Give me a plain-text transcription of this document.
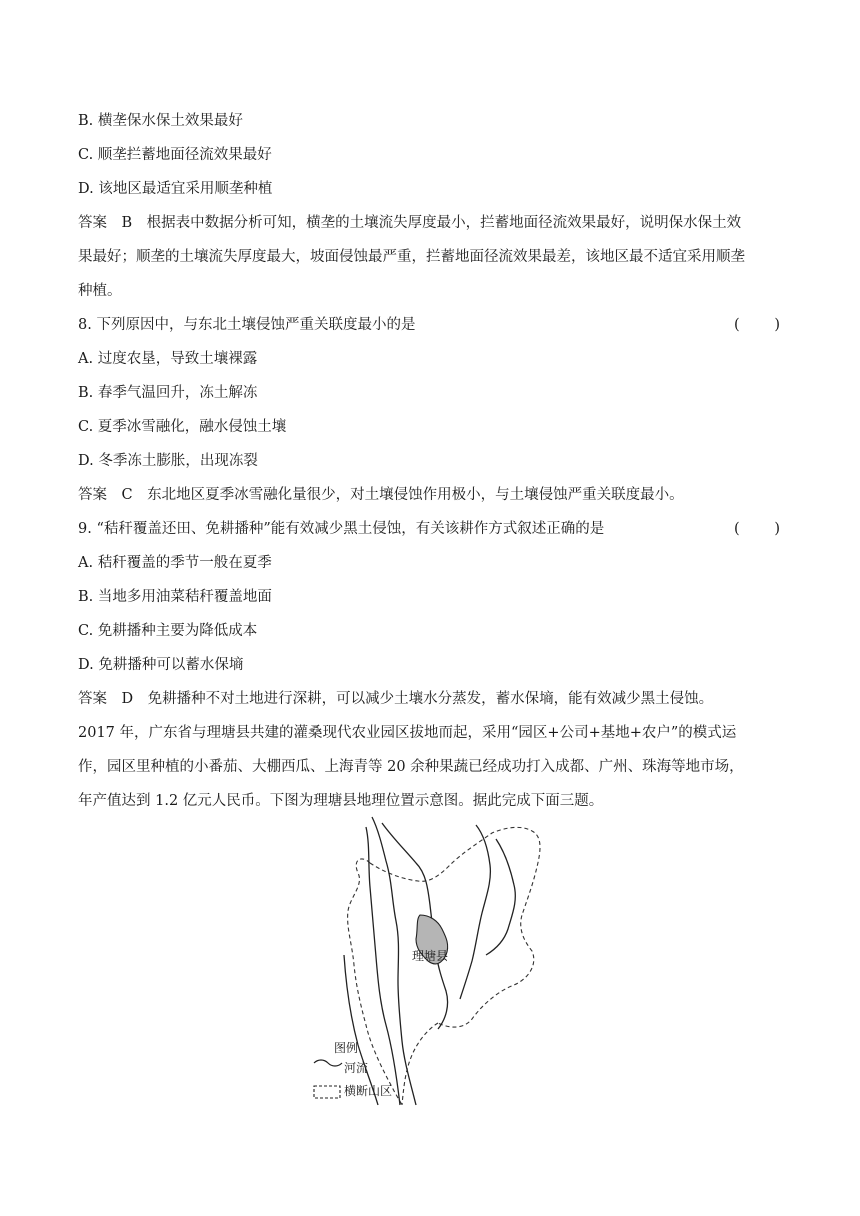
B. 横垄保水保土效果最好
C. 顺垄拦蓄地面径流效果最好
D. 该地区最适宜采用顺垄种植
答案　B　根据表中数据分析可知，横垄的土壤流失厚度最小，拦蓄地面径流效果最好，说明保水保土效
果最好；顺垄的土壤流失厚度最大，坡面侵蚀最严重，拦蓄地面径流效果最差，该地区最不适宜采用顺垄
种植。
8. 下列原因中，与东北土壤侵蚀严重关联度最小的是	( )
A. 过度农垦，导致土壤裸露
B. 春季气温回升，冻土解冻
C. 夏季冰雪融化，融水侵蚀土壤
D. 冬季冻土膨胀，出现冻裂
答案　C　东北地区夏季冰雪融化量很少，对土壤侵蚀作用极小，与土壤侵蚀严重关联度最小。
9. “秸秆覆盖还田、免耕播种”能有效减少黑土侵蚀，有关该耕作方式叙述正确的是	( )
A. 秸秆覆盖的季节一般在夏季
B. 当地多用油菜秸秆覆盖地面
C. 免耕播种主要为降低成本
D. 免耕播种可以蓄水保墒
答案　D　免耕播种不对土地进行深耕，可以减少土壤水分蒸发，蓄水保墒，能有效减少黑土侵蚀。
2017 年，广东省与理塘县共建的灌桑现代农业园区拔地而起，采用“园区+公司+基地+农户”的模式运
作，园区里种植的小番茄、大棚西瓜、上海青等 20 余种果蔬已经成功打入成都、广州、珠海等地市场，
年产值达到 1.2 亿元人民币。下图为理塘县地理位置示意图。据此完成下面三题。
理塘县
图例
河流
横断山区
